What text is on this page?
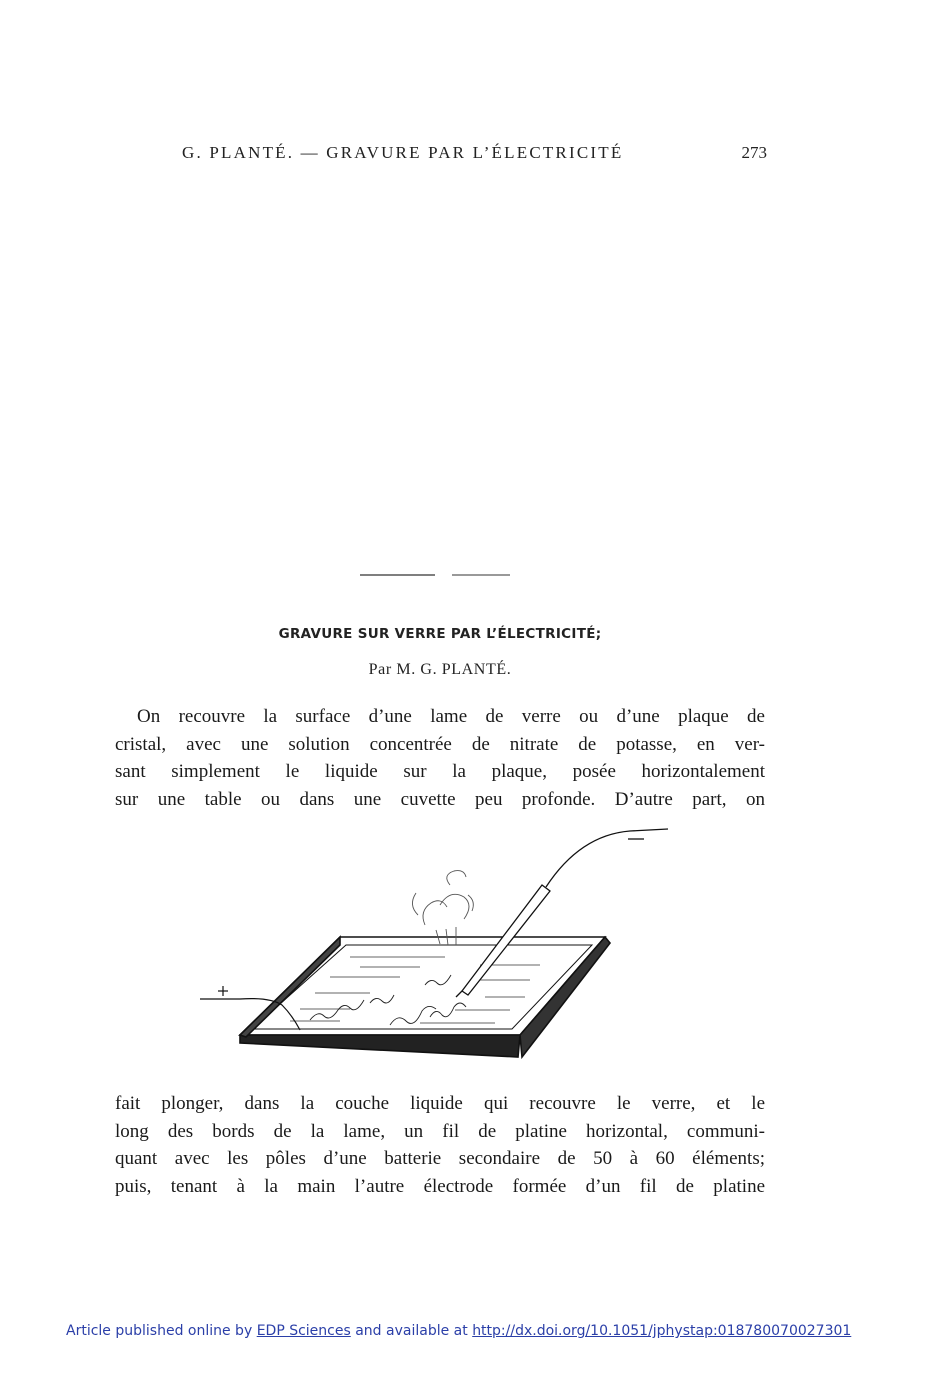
G. PLANTÉ. — GRAVURE PAR L’ÉLECTRICITÉ	273
GRAVURE SUR VERRE PAR L’ÉLECTRICITÉ;
Par M. G. PLANTÉ.
On recouvre la surface d’une lame de verre ou d’une plaque de
cristal, avec une solution concentrée de nitrate de potasse, en ver-
sant simplement le liquide sur la plaque, posée horizontalement
sur une table ou dans une cuvette peu profonde. D’autre part, on
fait plonger, dans la couche liquide qui recouvre le verre, et le
long des bords de la lame, un fil de platine horizontal, communi-
quant avec les pôles d’une batterie secondaire de 50 à 60 éléments;
puis, tenant à la main l’autre électrode formée d’un fil de platine
Article published online by EDP Sciences and available at http://dx.doi.org/10.1051/jphystap:018780070027301
